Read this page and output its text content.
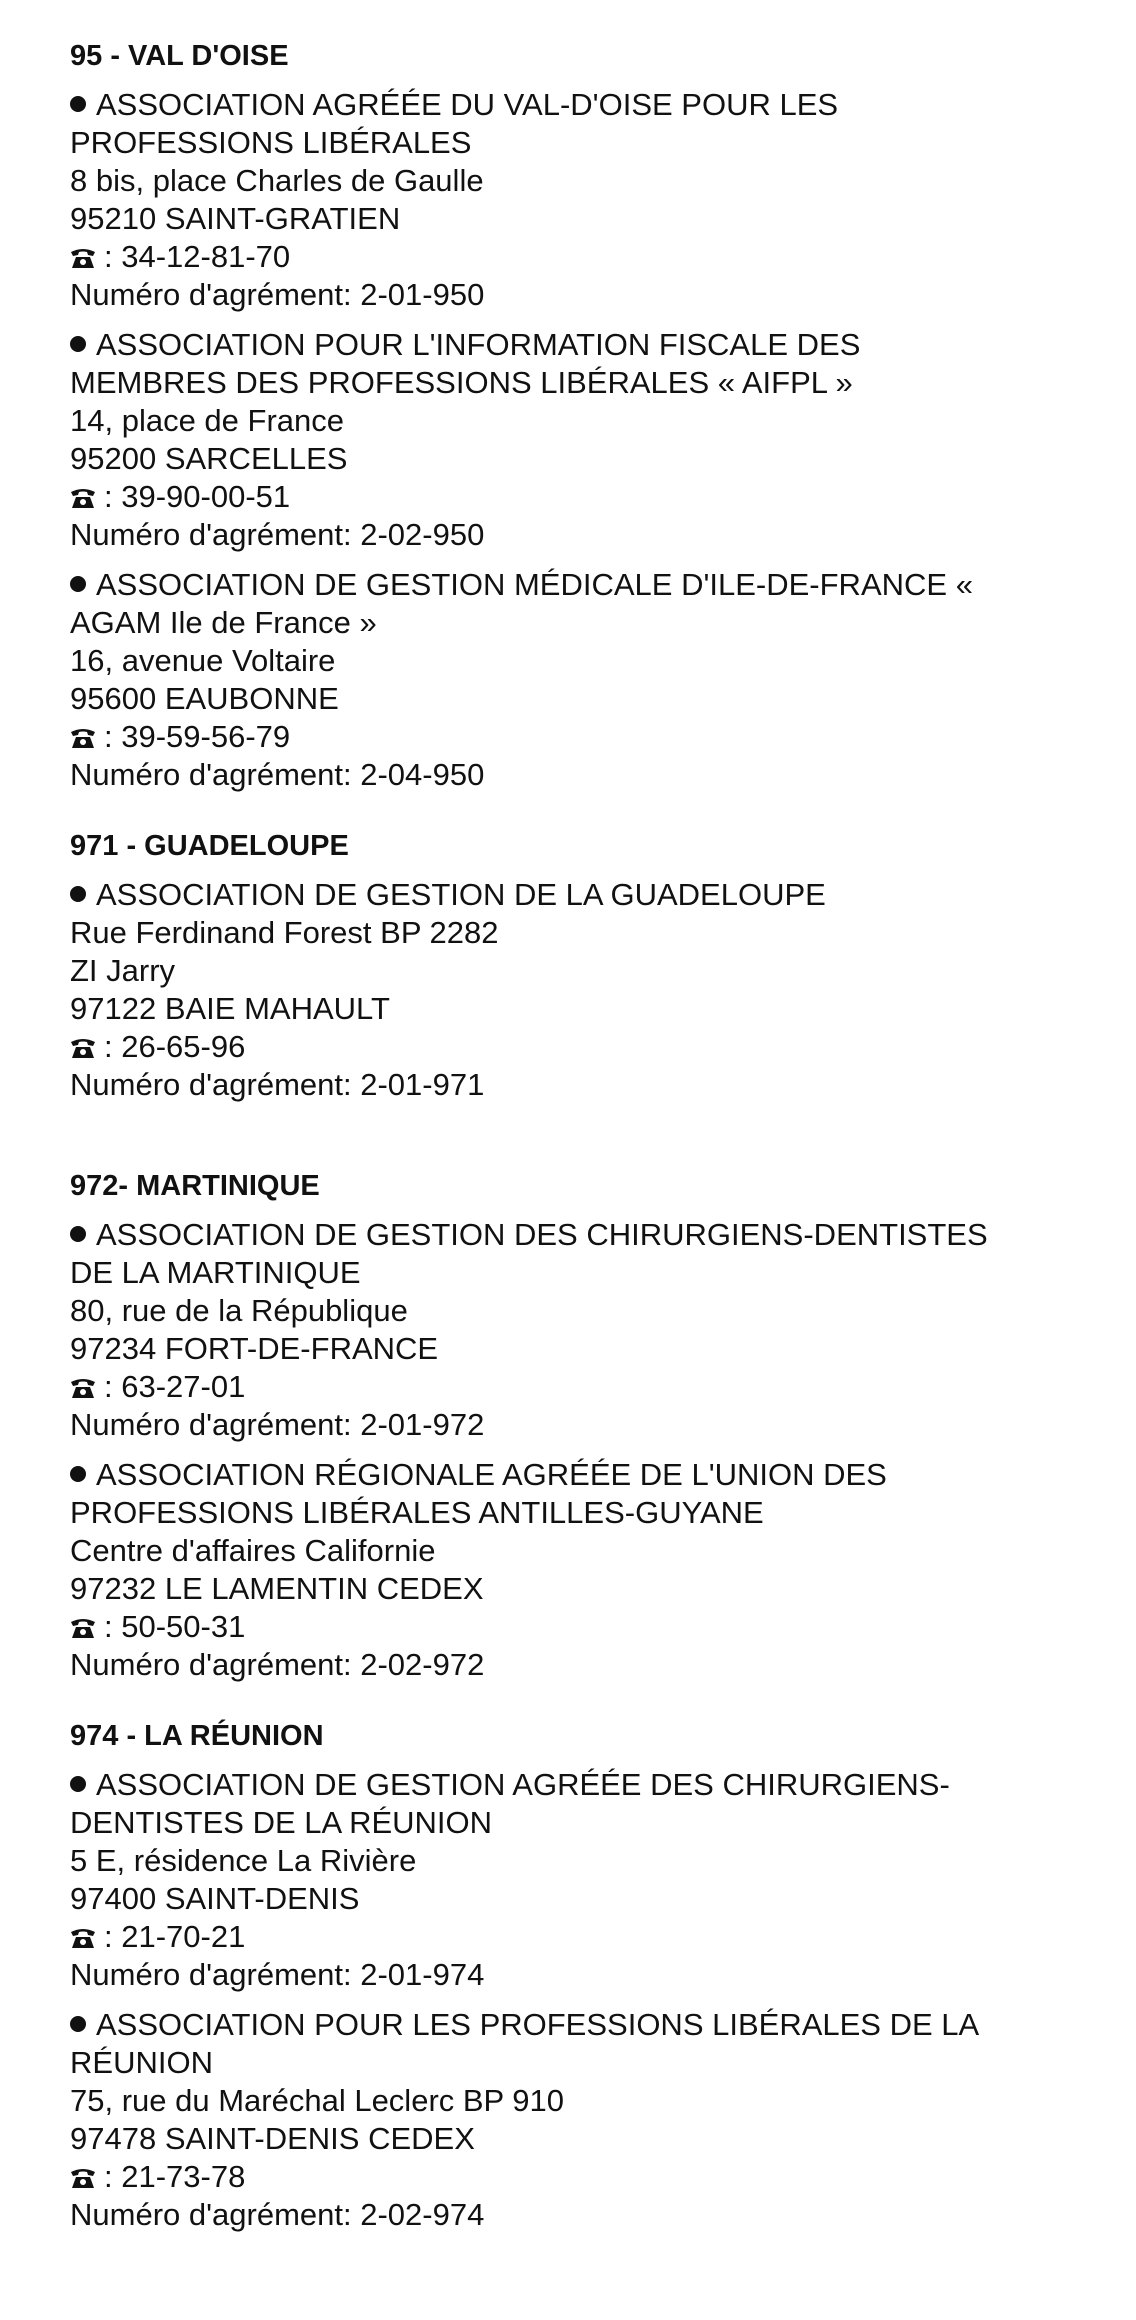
95 - VAL D'OISE
ASSOCIATION AGRÉÉE DU VAL-D'OISE POUR LES PROFESSIONS LIBÉRALES
8 bis, place Charles de Gaulle
95210 SAINT-GRATIEN
: 34-12-81-70
Numéro d'agrément: 2-01-950
ASSOCIATION POUR L'INFORMATION FISCALE DES MEMBRES DES PROFESSIONS LIBÉRALES « AIFPL »
14, place de France
95200 SARCELLES
: 39-90-00-51
Numéro d'agrément: 2-02-950
ASSOCIATION DE GESTION MÉDICALE D'ILE-DE-FRANCE « AGAM Ile de France »
16, avenue Voltaire
95600 EAUBONNE
: 39-59-56-79
Numéro d'agrément: 2-04-950
971 - GUADELOUPE
ASSOCIATION DE GESTION DE LA GUADELOUPE
Rue Ferdinand Forest BP 2282
ZI Jarry
97122 BAIE MAHAULT
: 26-65-96
Numéro d'agrément: 2-01-971
972- MARTINIQUE
ASSOCIATION DE GESTION DES CHIRURGIENS-DENTISTES DE LA MARTINIQUE
80, rue de la République
97234 FORT-DE-FRANCE
: 63-27-01
Numéro d'agrément: 2-01-972
ASSOCIATION RÉGIONALE AGRÉÉE DE L'UNION DES PROFESSIONS LIBÉRALES ANTILLES-GUYANE
Centre d'affaires Californie
97232 LE LAMENTIN CEDEX
: 50-50-31
Numéro d'agrément: 2-02-972
974 - LA RÉUNION
ASSOCIATION DE GESTION AGRÉÉE DES CHIRURGIENS-DENTISTES DE LA RÉUNION
5 E, résidence La Rivière
97400 SAINT-DENIS
: 21-70-21
Numéro d'agrément: 2-01-974
ASSOCIATION POUR LES PROFESSIONS LIBÉRALES DE LA RÉUNION
75, rue du Maréchal Leclerc BP 910
97478 SAINT-DENIS CEDEX
: 21-73-78
Numéro d'agrément: 2-02-974
